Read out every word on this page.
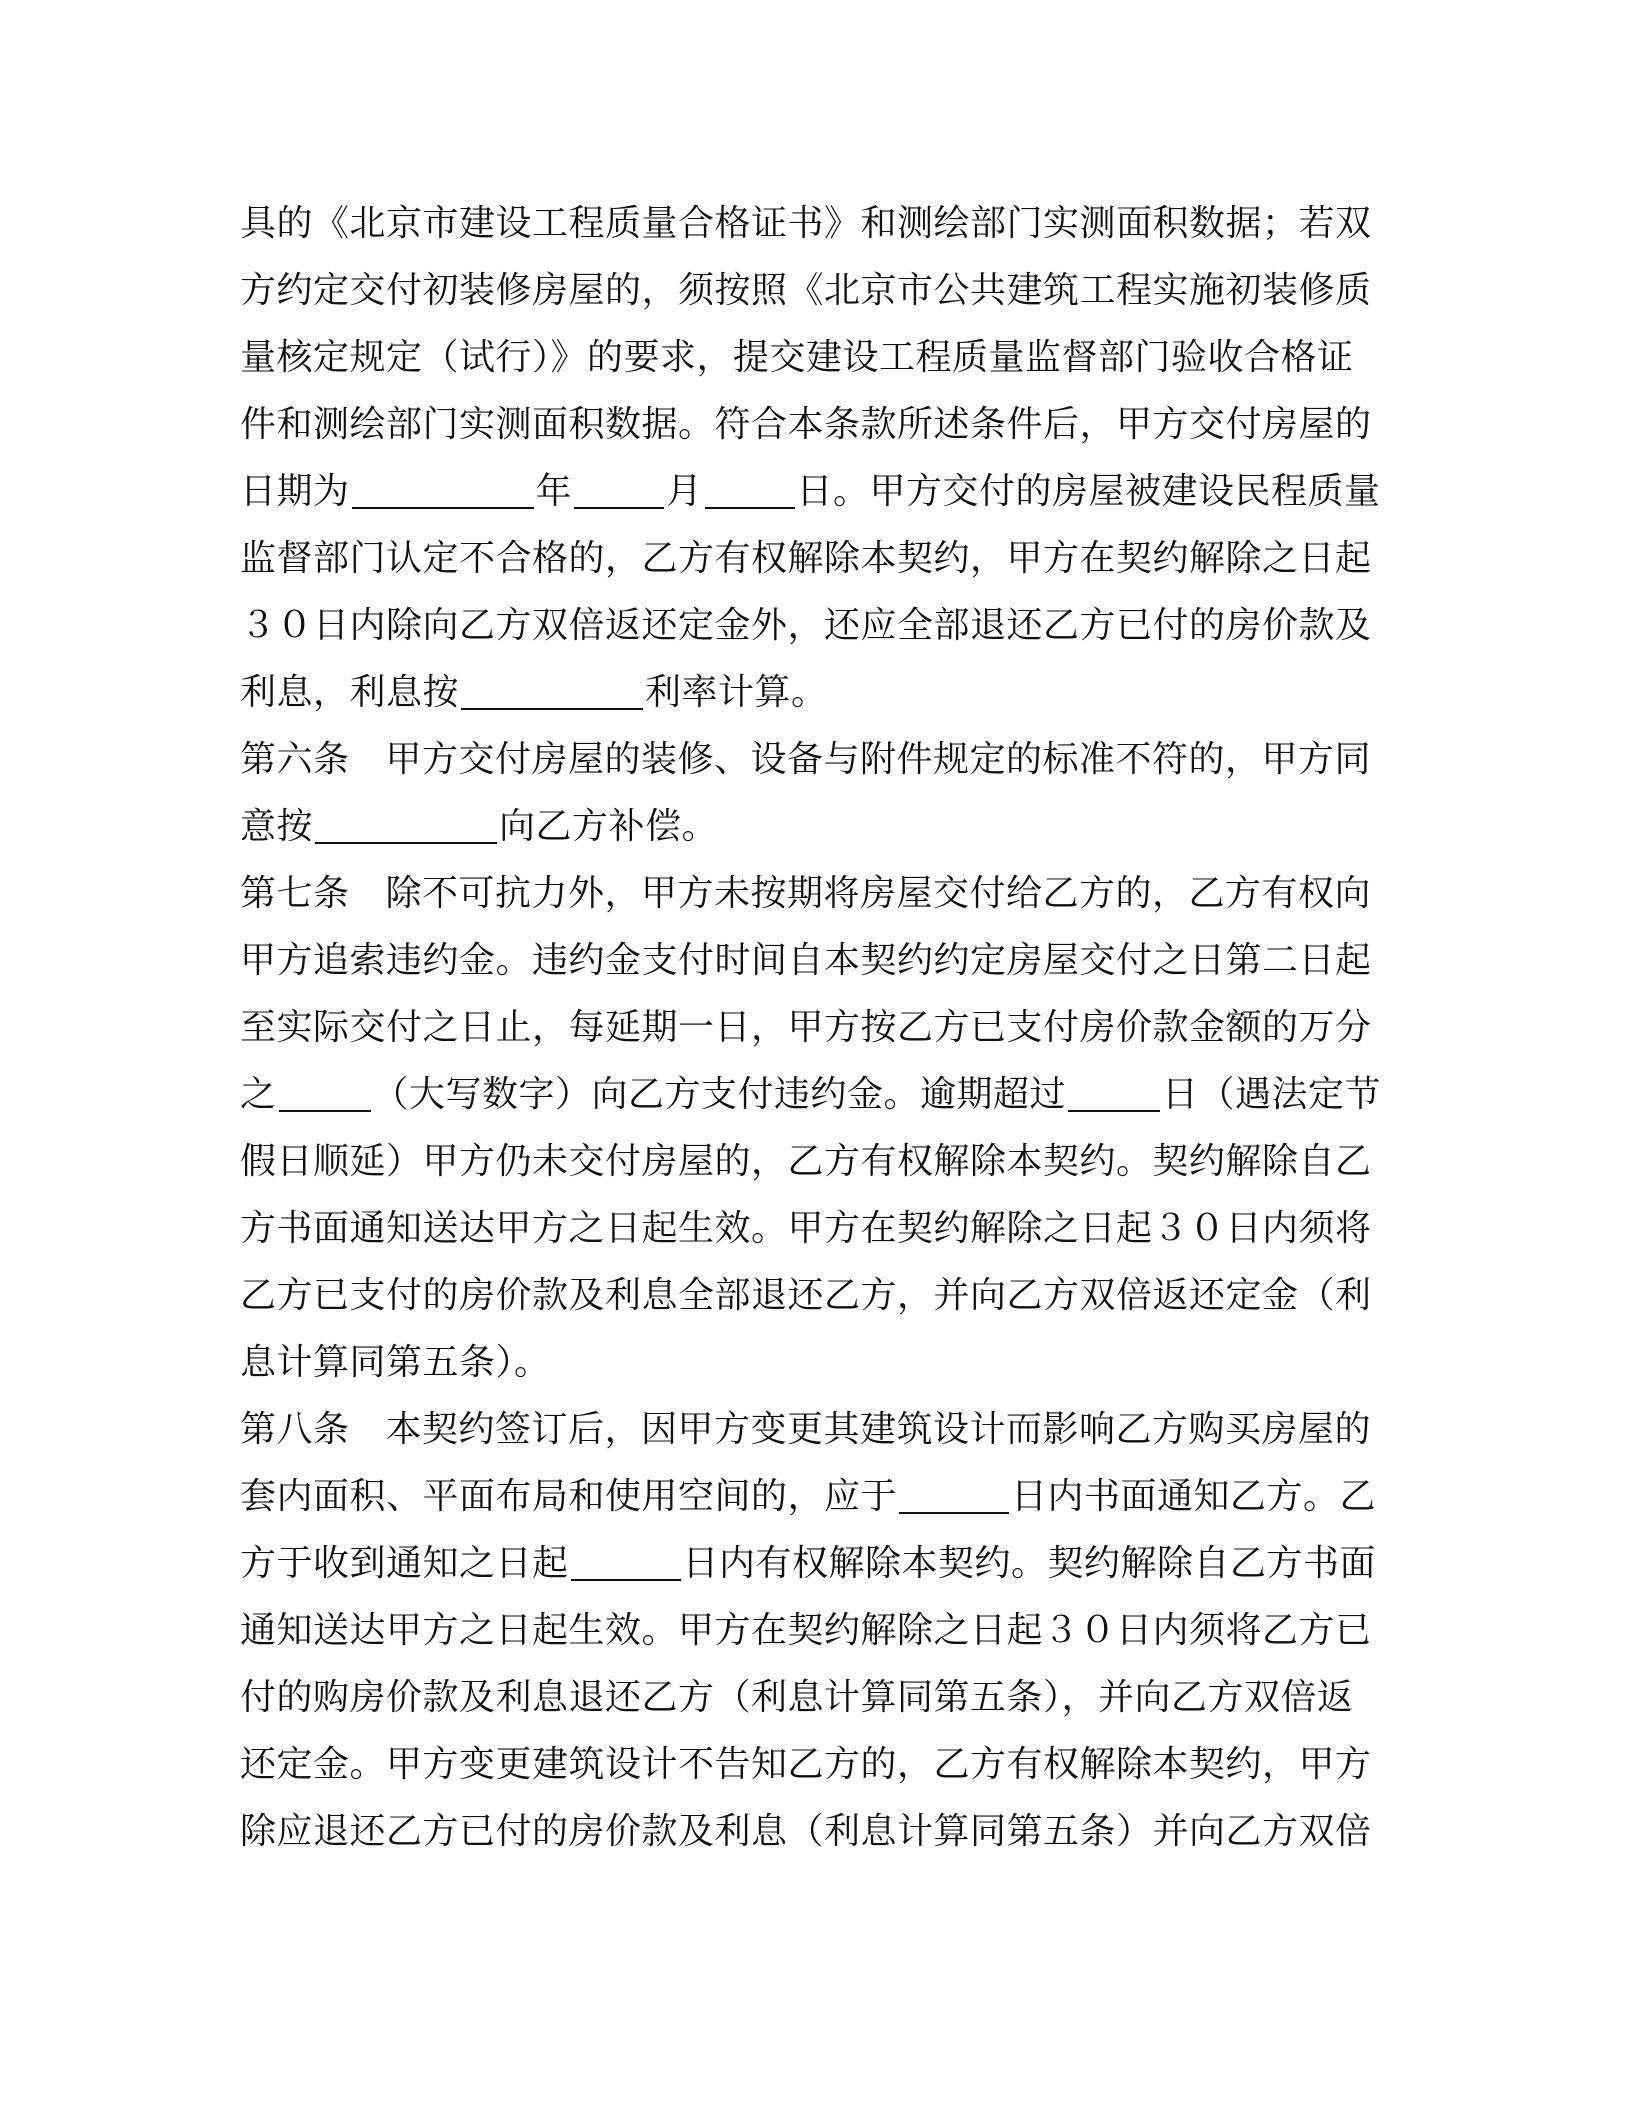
具的《北京市建设工程质量合格证书》和测绘部门实测面积数据；若双
方约定交付初装修房屋的，须按照《北京市公共建筑工程实施初装修质
量核定规定（试行）》的要求，提交建设工程质量监督部门验收合格证
件和测绘部门实测面积数据。符合本条款所述条件后，甲方交付房屋的
日期为	年	月	日。甲方交付的房屋被建设民程质量
监督部门认定不合格的，乙方有权解除本契约，甲方在契约解除之日起
３０日内除向乙方双倍返还定金外，还应全部退还乙方已付的房价款及
利息，利息按	利率计算。
第六条 甲方交付房屋的装修、设备与附件规定的标准不符的，甲方同
意按	向乙方补偿。
第七条 除不可抗力外，甲方未按期将房屋交付给乙方的，乙方有权向
甲方追索违约金。违约金支付时间自本契约约定房屋交付之日第二日起
至实际交付之日止，每延期一日，甲方按乙方已支付房价款金额的万分
之	（大写数字）向乙方支付违约金。逾期超过	日（遇法定节
假日顺延）甲方仍未交付房屋的，乙方有权解除本契约。契约解除自乙
方书面通知送达甲方之日起生效。甲方在契约解除之日起３０日内须将
乙方已支付的房价款及利息全部退还乙方，并向乙方双倍返还定金（利
息计算同第五条）。
第八条 本契约签订后，因甲方变更其建筑设计而影响乙方购买房屋的
套内面积、平面布局和使用空间的，应于	日内书面通知乙方。乙
方于收到通知之日起	日内有权解除本契约。契约解除自乙方书面
通知送达甲方之日起生效。甲方在契约解除之日起３０日内须将乙方已
付的购房价款及利息退还乙方（利息计算同第五条），并向乙方双倍返
还定金。甲方变更建筑设计不告知乙方的，乙方有权解除本契约，甲方
除应退还乙方已付的房价款及利息（利息计算同第五条）并向乙方双倍
